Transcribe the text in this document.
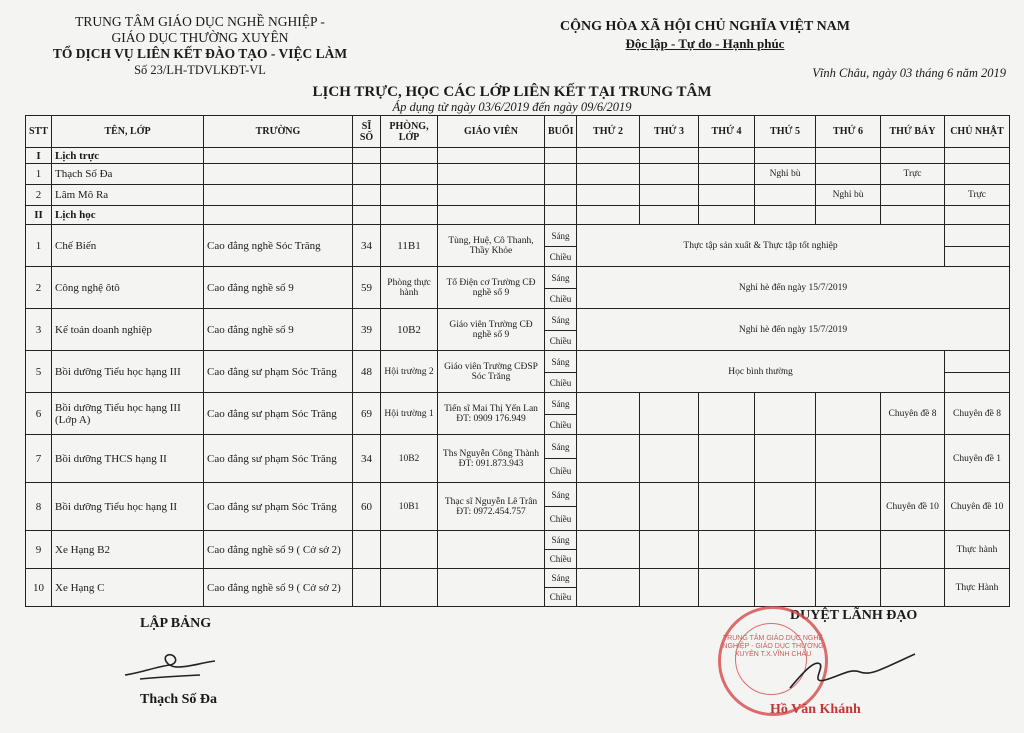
TRUNG TÂM GIÁO DỤC NGHỀ NGHIỆP -
GIÁO DỤC THƯỜNG XUYÊN
TỔ DỊCH VỤ LIÊN KẾT ĐÀO TẠO - VIỆC LÀM
Số 23/LH-TDVLKĐT-VL
CỘNG HÒA XÃ HỘI CHỦ NGHĨA VIỆT NAM
Độc lập - Tự do - Hạnh phúc
Vĩnh Châu, ngày 03 tháng 6 năm 2019
LỊCH TRỰC, HỌC CÁC LỚP LIÊN KẾT TẠI TRUNG TÂM
Áp dụng từ ngày 03/6/2019 đến ngày 09/6/2019
STT	TÊN, LỚP	TRƯỜNG	SĨ SỐ	PHÒNG, LỚP	GIÁO VIÊN	BUỔI	THỨ 2	THỨ 3	THỨ 4	THỨ 5	THỨ 6	THỨ BẢY	CHỦ NHẬT
I	Lịch trực												
1	Thạch Số Đa									Nghỉ bù		Trực	
2	Lâm Mô Ra										Nghỉ bù		Trực
II	Lịch học												
1	Chế Biến	Cao đẳng nghề Sóc Trăng	34	11B1	Tùng, Huệ, Cô Thanh, Thầy Khỏe	Sáng	Thực tập sản xuất & Thực tập tốt nghiệp						
						Chiều							
2	Công nghệ ôtô	Cao đẳng nghề số 9	59	Phòng thực hành	Tổ Điện cơ Trường CĐ nghề số 9	Sáng	Nghỉ hè đến ngày 15/7/2019						
						Chiều							
3	Kế toán doanh nghiệp	Cao đẳng nghề số 9	39	10B2	Giáo viên Trường CĐ nghề số 9	Sáng	Nghỉ hè đến ngày 15/7/2019						
						Chiều							
5	Bồi dưỡng Tiểu học hạng III	Cao đẳng sư phạm Sóc Trăng	48	Hội trường 2	Giáo viên Trường CĐSP Sóc Trăng	Sáng	Học bình thường						
						Chiều							
6	Bồi dưỡng Tiểu học hạng III (Lớp A)	Cao đẳng sư phạm Sóc Trăng	69	Hội trường 1	Tiến sĩ Mai Thị Yến Lan ĐT: 0909 176.949	Sáng						Chuyên đề 8	Chuyên đề 8
						Chiều							
7	Bồi dưỡng THCS hạng II	Cao đẳng sư phạm Sóc Trăng	34	10B2	Ths Nguyễn Công Thành ĐT: 091.873.943	Sáng							Chuyên đề 1
						Chiều							
8	Bồi dưỡng Tiểu học hạng II	Cao đẳng sư phạm Sóc Trăng	60	10B1	Thạc sĩ Nguyễn Lê Trân ĐT: 0972.454.757	Sáng						Chuyên đề 10	Chuyên đề 10
						Chiều							
9	Xe Hạng B2	Cao đẳng nghề số 9 ( Cở sở 2)				Sáng							Thực hành
						Chiều							
10	Xe Hạng C	Cao đẳng nghề số 9 ( Cở sở 2)				Sáng							Thực Hành
						Chiều							
LẬP BẢNG
Thạch Số Đa
DUYỆT LÃNH ĐẠO
TRUNG TÂM GIÁO DỤC NGHỀ NGHIỆP - GIÁO DỤC THƯỜNG XUYÊN T.X.VĨNH CHÂU
Hồ Văn Khánh
